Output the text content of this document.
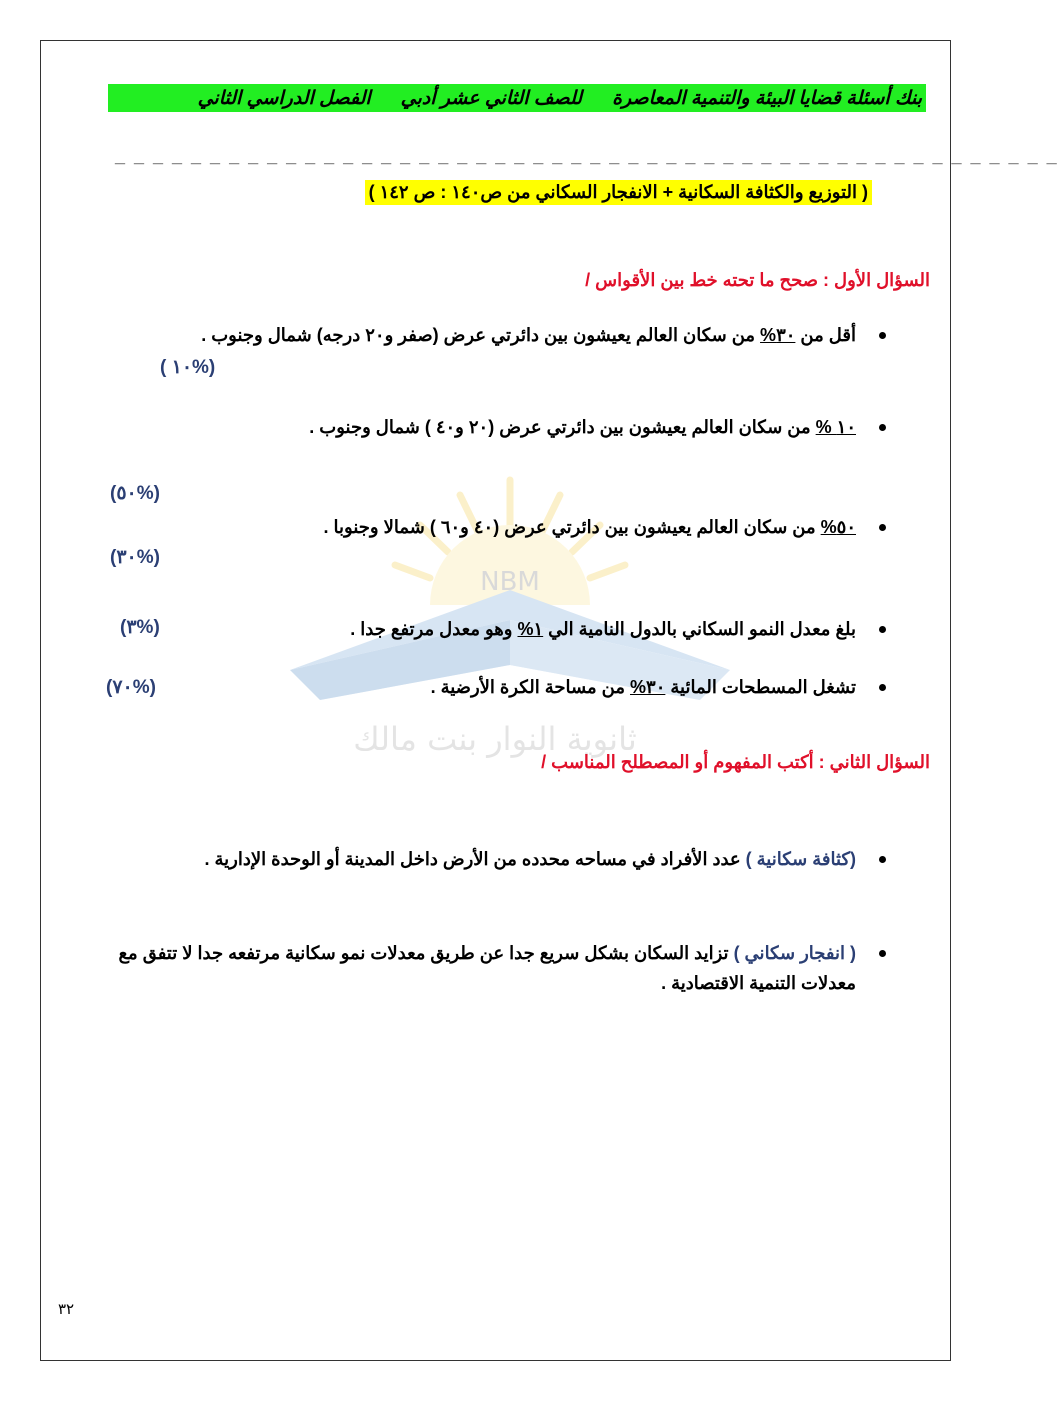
NBM
ثانوية النوار بنت مالك
بنك أسئلة قضايا البيئة والتنمية المعاصرة
للصف الثاني عشر أدبي
الفصل الدراسي الثاني
_ _ _ _ _ _ _ _ _ _ _ _ _ _ _ _ _ _ _ _ _ _ _ _ _ _ _ _ _ _ _ _ _ _ _ _ _ _ _ _ _ _ _ _ _ _ _ _ _ _
( التوزيع والكثافة السكانية + الانفجار السكاني من ص١٤٠ : ص ١٤٢ )
السؤال الأول : صحح ما تحته خط بين الأقواس /
أقل من ٣٠% من سكان العالم يعيشون بين دائرتي عرض (صفر و٢٠ درجه) شمال وجنوب .
( ١٠%)
١٠ % من سكان العالم يعيشون بين دائرتي عرض (٢٠ و٤٠ ) شمال وجنوب .
(٥٠%)
٥٠% من سكان العالم يعيشون بين دائرتي عرض (٤٠ و٦٠ ) شمالا وجنوبا .
(٣٠%)
بلغ معدل النمو السكاني بالدول النامية الي ١% وهو معدل مرتفع جدا .
(٣%)
تشغل المسطحات المائية ٣٠% من مساحة الكرة الأرضية .
(٧٠%)
السؤال الثاني : أكتب المفهوم أو المصطلح المناسب /
(كثافة سكانية ) عدد الأفراد في مساحه محدده من الأرض داخل المدينة أو الوحدة الإدارية .
( انفجار سكاني ) تزايد السكان بشكل سريع جدا عن طريق معدلات نمو سكانية مرتفعه جدا لا تتفق مع معدلات التنمية الاقتصادية .
٣٢
